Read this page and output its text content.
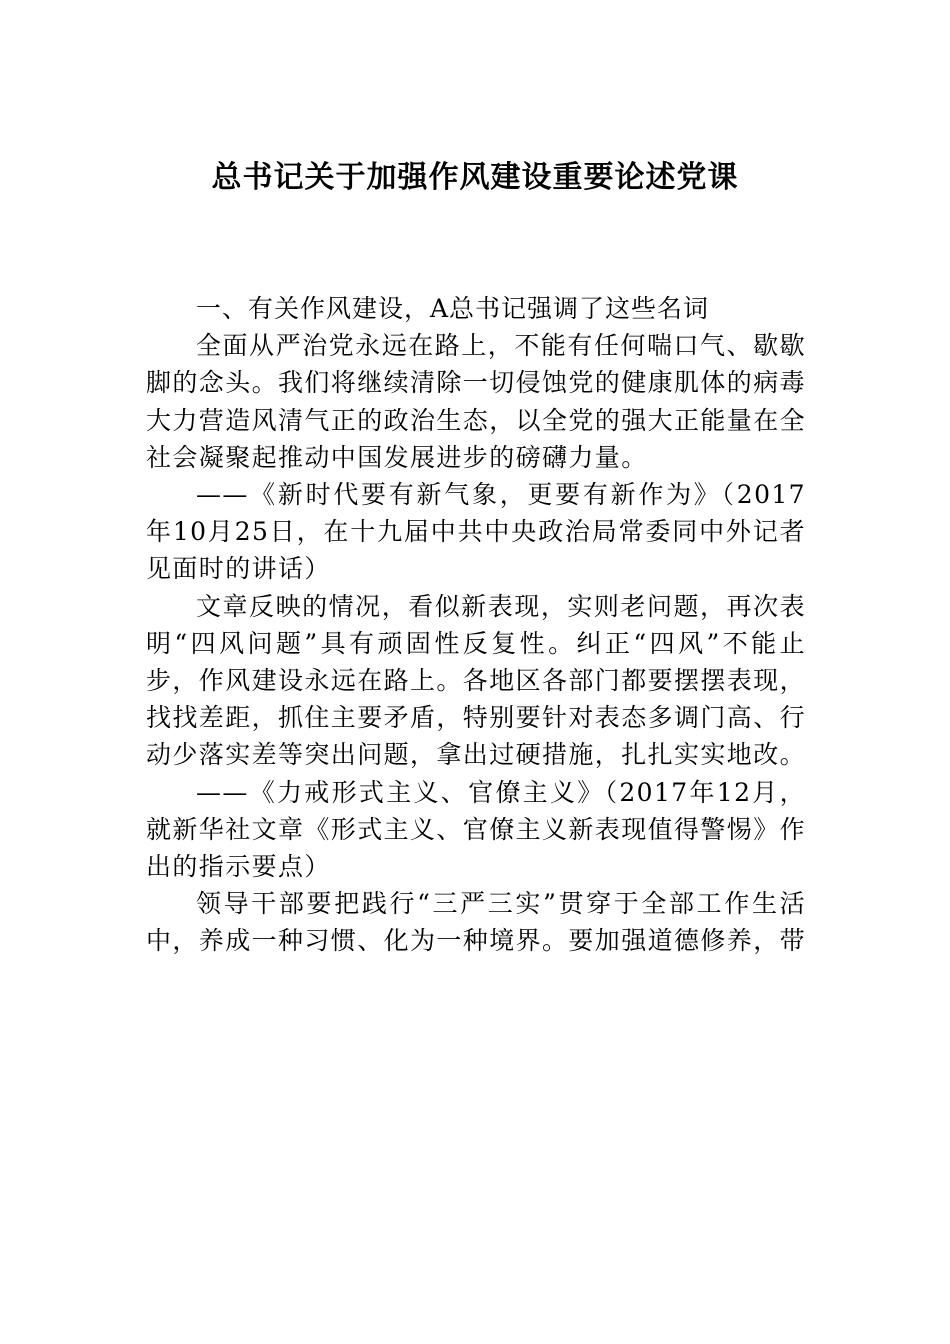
总书记关于加强作风建设重要论述党课

一、有关作风建设，A总书记强调了这些名词

全面从严治党永远在路上，不能有任何喘口气、歇歇脚的念头。我们将继续清除一切侵蚀党的健康肌体的病毒大力营造风清气正的政治生态，以全党的强大正能量在全社会凝聚起推动中国发展进步的磅礴力量。

——《新时代要有新气象，更要有新作为》（2017年10月25日，在十九届中共中央政治局常委同中外记者见面时的讲话）

文章反映的情况，看似新表现，实则老问题，再次表明“四风问题”具有顽固性反复性。纠正“四风”不能止步，作风建设永远在路上。各地区各部门都要摆摆表现，找找差距，抓住主要矛盾，特别要针对表态多调门高、行动少落实差等突出问题，拿出过硬措施，扎扎实实地改。

——《力戒形式主义、官僚主义》（2017年12月，就新华社文章《形式主义、官僚主义新表现值得警惕》作出的指示要点）

领导干部要把践行“三严三实”贯穿于全部工作生活中，养成一种习惯、化为一种境界。要加强道德修养，带
